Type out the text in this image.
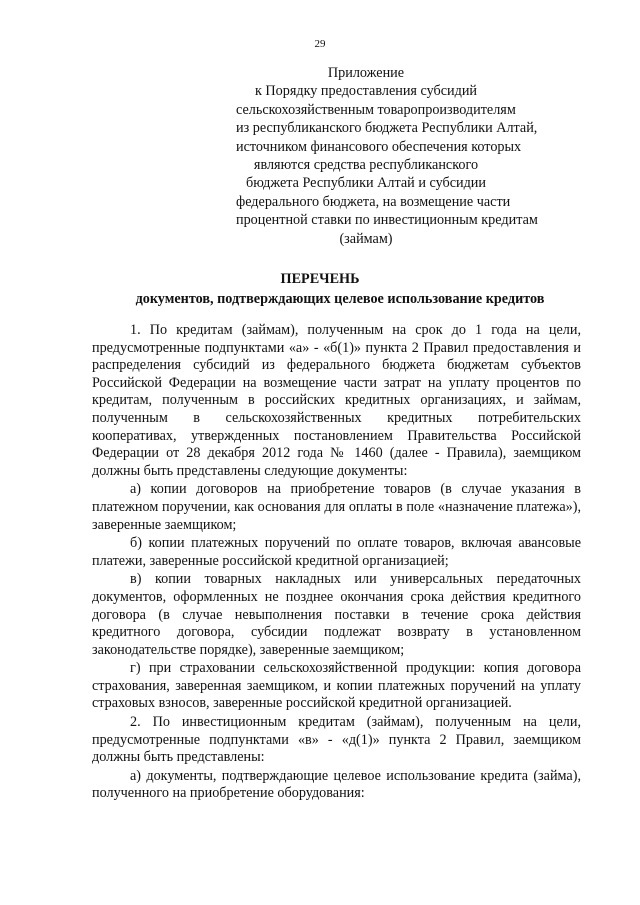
29
Приложение
к Порядку предоставления субсидий
сельскохозяйственным товаропроизводителям
из республиканского бюджета Республики Алтай,
источником финансового обеспечения которых
являются средства республиканского
бюджета Республики Алтай и субсидии
федерального бюджета, на возмещение части
процентной ставки по инвестиционным кредитам
(займам)
ПЕРЕЧЕНЬ
документов, подтверждающих целевое использование кредитов

1. По кредитам (займам), полученным на срок до 1 года на цели, предусмотренные подпунктами «а» - «б(1)» пункта 2 Правил предоставления и распределения субсидий из федерального бюджета бюджетам субъектов Российской Федерации на возмещение части затрат на уплату процентов по кредитам, полученным в российских кредитных организациях, и займам, полученным в сельскохозяйственных кредитных потребительских кооперативах, утвержденных постановлением Правительства Российской Федерации от 28 декабря 2012 года № 1460 (далее - Правила), заемщиком должны быть представлены следующие документы:

а) копии договоров на приобретение товаров (в случае указания в платежном поручении, как основания для оплаты в поле «назначение платежа»), заверенные заемщиком;

б) копии платежных поручений по оплате товаров, включая авансовые платежи, заверенные российской кредитной организацией;

в) копии товарных накладных или универсальных передаточных документов, оформленных не позднее окончания срока действия кредитного договора (в случае невыполнения поставки в течение срока действия кредитного договора, субсидии подлежат возврату в установленном законодательстве порядке), заверенные заемщиком;

г) при страховании сельскохозяйственной продукции: копия договора страхования, заверенная заемщиком, и копии платежных поручений на уплату страховых взносов, заверенные российской кредитной организацией.

2. По инвестиционным кредитам (займам), полученным на цели, предусмотренные подпунктами «в» - «д(1)» пункта 2 Правил, заемщиком должны быть представлены:

а) документы, подтверждающие целевое использование кредита (займа), полученного на приобретение оборудования:
